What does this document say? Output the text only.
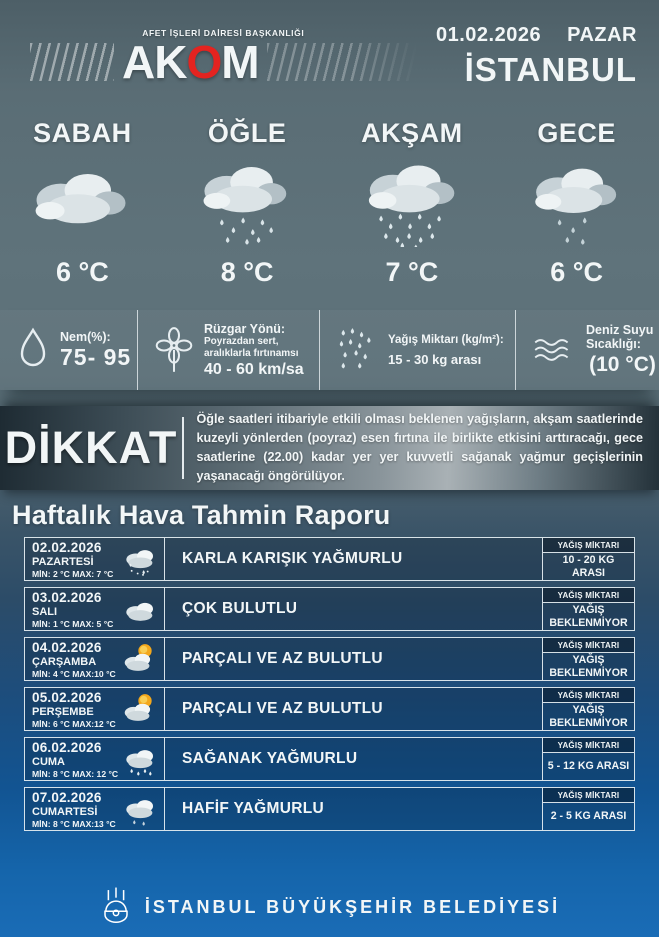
AFET İŞLERİ DAİRESİ BAŞKANLIĞI
AKOM
01.02.2026 PAZAR
İSTANBUL
SABAH
6 °C
ÖĞLE
8 °C
AKŞAM
7 °C
GECE
6 °C
Nem(%):
75- 95
Rüzgar Yönü:
Poyrazdan sert,
aralıklarla fırtınamsı
40 - 60 km/sa
Yağış Miktarı (kg/m²):
15 - 30 kg arası
Deniz Suyu Sıcaklığı:
(10 °C)
DİKKAT
Öğle saatleri itibariyle etkili olması beklenen yağışların, akşam saatlerinde kuzeyli yönlerden (poyraz) esen fırtına ile birlikte etkisini arttıracağı, gece saatlerine (22.00) kadar yer yer kuvvetli sağanak yağmur geçişlerinin yaşanacağı öngörülüyor.
Haftalık Hava Tahmin Raporu
02.02.2026
PAZARTESİ
MİN: 2 °C MAX: 7 °C
KARLA KARIŞIK YAĞMURLU
YAĞIŞ MİKTARI
10 - 20 KG ARASI
03.02.2026
SALI
MİN: 1 °C MAX: 5 °C
ÇOK BULUTLU
YAĞIŞ MİKTARI
YAĞIŞ BEKLENMİYOR
04.02.2026
ÇARŞAMBA
MİN: 4 °C MAX:10 °C
PARÇALI VE AZ BULUTLU
YAĞIŞ MİKTARI
YAĞIŞ BEKLENMİYOR
05.02.2026
PERŞEMBE
MİN: 6 °C MAX:12 °C
PARÇALI VE AZ BULUTLU
YAĞIŞ MİKTARI
YAĞIŞ BEKLENMİYOR
06.02.2026
CUMA
MİN: 8 °C MAX: 12 °C
SAĞANAK YAĞMURLU
YAĞIŞ MİKTARI
5 - 12 KG ARASI
07.02.2026
CUMARTESİ
MİN: 8 °C MAX:13 °C
HAFİF YAĞMURLU
YAĞIŞ MİKTARI
2 - 5 KG ARASI
İSTANBUL BÜYÜKŞEHİR BELEDİYESİ
